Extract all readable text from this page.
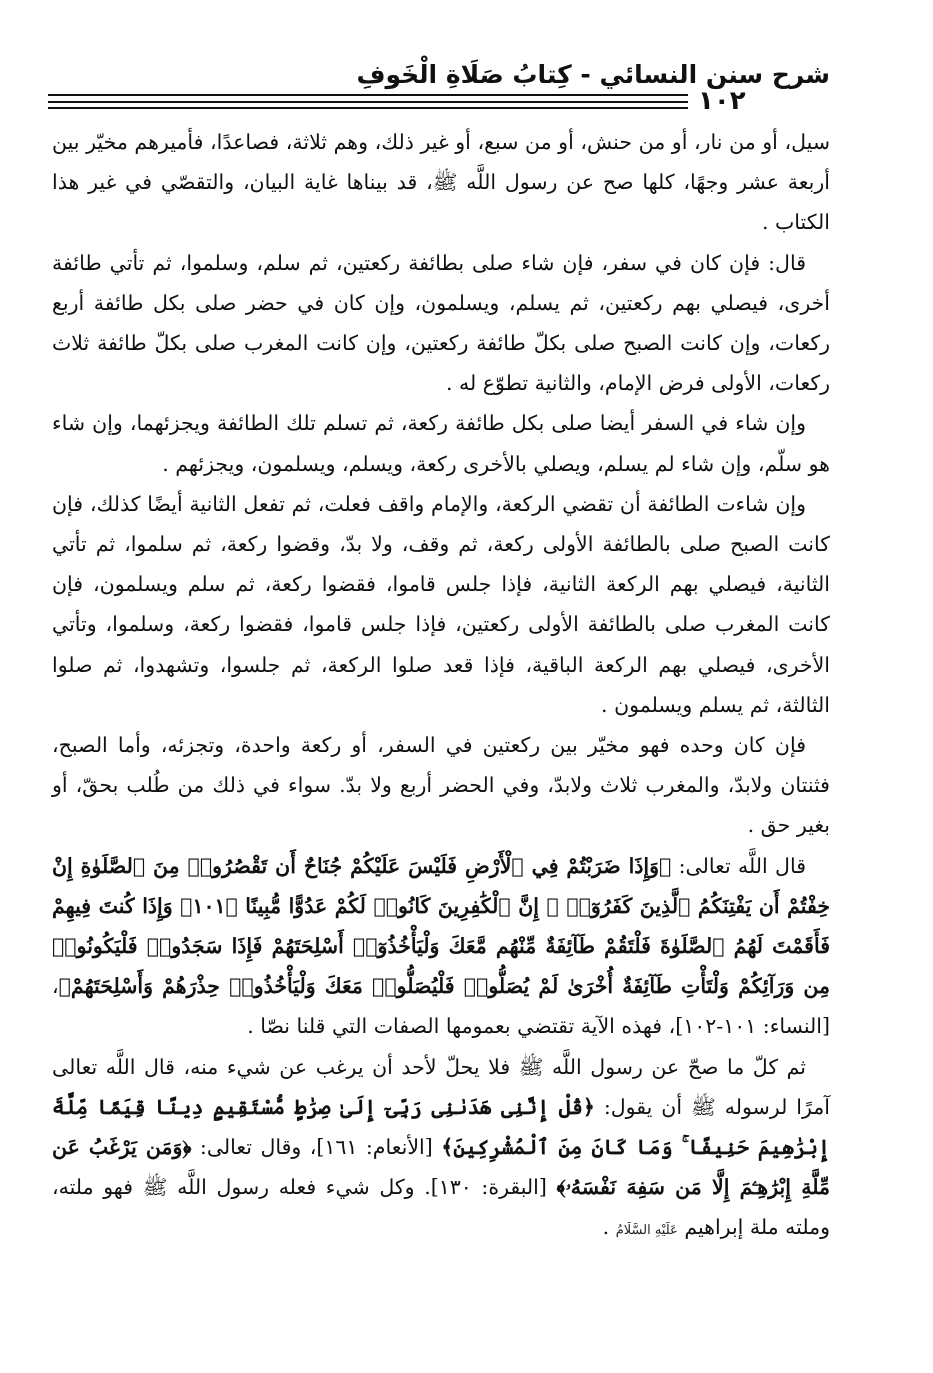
شرح سنن النسائي - كِتابُ صَلَاةِ الْخَوفِ
١٠٢

سيل، أو من نار، أو من حنش، أو من سبع، أو غير ذلك، وهم ثلاثة، فصاعدًا، فأميرهم مخيّر بين أربعة عشر وجهًا، كلها صح عن رسول اللَّه ﷺ، قد بيناها غاية البيان، والتقصّي في غير هذا الكتاب .

قال: فإن كان في سفر، فإن شاء صلى بطائفة ركعتين، ثم سلم، وسلموا، ثم تأتي طائفة أخرى، فيصلي بهم ركعتين، ثم يسلم، ويسلمون، وإن كان في حضر صلى بكل طائفة أربع ركعات، وإن كانت الصبح صلى بكلّ طائفة ركعتين، وإن كانت المغرب صلى بكلّ طائفة ثلاث ركعات، الأولى فرض الإمام، والثانية تطوّع له .

وإن شاء في السفر أيضا صلى بكل طائفة ركعة، ثم تسلم تلك الطائفة ويجزئهما، وإن شاء هو سلّم، وإن شاء لم يسلم، ويصلي بالأخرى ركعة، ويسلم، ويسلمون، ويجزئهم .

وإن شاءت الطائفة أن تقضي الركعة، والإمام واقف فعلت، ثم تفعل الثانية أيضًا كذلك، فإن كانت الصبح صلى بالطائفة الأولى ركعة، ثم وقف، ولا بدّ، وقضوا ركعة، ثم سلموا، ثم تأتي الثانية، فيصلي بهم الركعة الثانية، فإذا جلس قاموا، فقضوا ركعة، ثم سلم ويسلمون، فإن كانت المغرب صلى بالطائفة الأولى ركعتين، فإذا جلس قاموا، فقضوا ركعة، وسلموا، وتأتي الأخرى، فيصلي بهم الركعة الباقية، فإذا قعد صلوا الركعة، ثم جلسوا، وتشهدوا، ثم صلوا الثالثة، ثم يسلم ويسلمون .

فإن كان وحده فهو مخيّر بين ركعتين في السفر، أو ركعة واحدة، وتجزئه، وأما الصبح، فثنتان ولابدّ، والمغرب ثلاث ولابدّ، وفي الحضر أربع ولا بدّ. سواء في ذلك من طُلب بحقّ، أو بغير حق .

قال اللَّه تعالى: ﴿وَإِذَا ضَرَبْتُمْ فِي ٱلْأَرْضِ فَلَيْسَ عَلَيْكُمْ جُنَاحٌ أَن تَقْصُرُوا۟ مِنَ ٱلصَّلَوٰةِ إِنْ خِفْتُمْ أَن يَفْتِنَكُمُ ٱلَّذِينَ كَفَرُوٓا۟ ۚ إِنَّ ٱلْكَٰفِرِينَ كَانُوا۟ لَكُمْ عَدُوًّا مُّبِينًا ﴿١٠١﴾ وَإِذَا كُنتَ فِيهِمْ فَأَقَمْتَ لَهُمُ ٱلصَّلَوٰةَ فَلْتَقُمْ طَآئِفَةٌ مِّنْهُم مَّعَكَ وَلْيَأْخُذُوٓا۟ أَسْلِحَتَهُمْ فَإِذَا سَجَدُوا۟ فَلْيَكُونُوا۟ مِن وَرَآئِكُمْ وَلْتَأْتِ طَآئِفَةٌ أُخْرَىٰ لَمْ يُصَلُّوا۟ فَلْيُصَلُّوا۟ مَعَكَ وَلْيَأْخُذُوا۟ حِذْرَهُمْ وَأَسْلِحَتَهُمْ﴾، [النساء: ١٠١-١٠٢]، فهذه الآية تقتضي بعمومها الصفات التي قلنا نصّا .

ثم كلّ ما صحّ عن رسول اللَّه ﷺ فلا يحلّ لأحد أن يرغب عن شيء منه، قال اللَّه تعالى آمرًا لرسوله ﷺ أن يقول: ﴿قُلْ إِنَّنِى هَدَىٰنِى رَبِّىٓ إِلَىٰ صِرَٰطٍ مُّسْتَقِيمٍ دِينًا قِيَمًا مِّلَّةَ إِبْرَٰهِيمَ حَنِيفًا ۚ وَمَا كَانَ مِنَ ٱلْمُشْرِكِينَ﴾ [الأنعام: ١٦١]، وقال تعالى: ﴿وَمَن يَرْغَبُ عَن مِّلَّةِ إِبْرَٰهِـۧمَ إِلَّا مَن سَفِهَ نَفْسَهُۥ﴾ [البقرة: ١٣٠]. وكل شيء فعله رسول اللَّه ﷺ فهو ملته، وملته ملة إبراهيم عَلَيْهِ السَّلَامُ .
